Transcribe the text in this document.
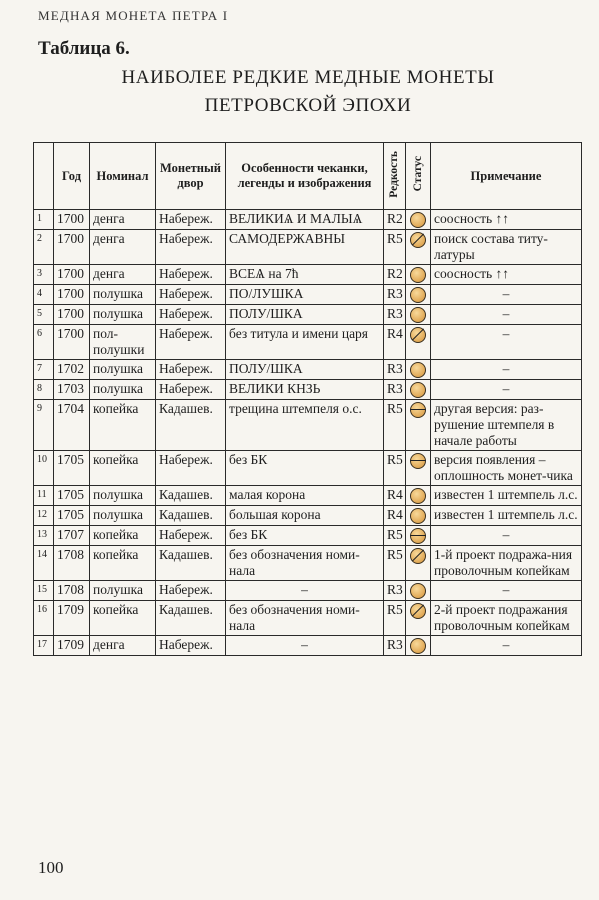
МЕДНАЯ МОНЕТА ПЕТРА I
Таблица 6.
НАИБОЛЕЕ РЕДКИЕ МЕДНЫЕ МОНЕТЫ
ПЕТРОВСКОЙ ЭПОХИ
	Год	Номинал	Монетный двор	Особенности чеканки, легенды и изображения	Редкость	Статус	Примечание
1	1700	денга	Набереж.	ВЕЛИКИѦ И МАЛЫѦ	R2		соосность ↑↑
2	1700	денга	Набереж.	САМОДЕРЖАВНЫ	R5		поиск состава титу-латуры
3	1700	денга	Набереж.	ВСЕѦ на 7ħ	R2		соосность ↑↑
4	1700	полушка	Набереж.	ПО/ЛУШКА	R3		–
5	1700	полушка	Набереж.	ПОЛУ/ШКА	R3		–
6	1700	пол-полушки	Набереж.	без титула и имени царя	R4		–
7	1702	полушка	Набереж.	ПОЛУ/ШКА	R3		–
8	1703	полушка	Набереж.	ВЕЛИКИ КНЗЬ	R3		–
9	1704	копейка	Кадашев.	трещина штемпеля о.с.	R5		другая версия: раз-рушение штемпеля в начале работы
10	1705	копейка	Набереж.	без БК	R5		версия появления – оплошность монет-чика
11	1705	полушка	Кадашев.	малая корона	R4		известен 1 штемпель л.с.
12	1705	полушка	Кадашев.	большая корона	R4		известен 1 штемпель л.с.
13	1707	копейка	Набереж.	без БК	R5		–
14	1708	копейка	Кадашев.	без обозначения номи-нала	R5		1-й проект подража-ния проволочным копейкам
15	1708	полушка	Набереж.	–	R3		–
16	1709	копейка	Кадашев.	без обозначения номи-нала	R5		2-й проект подражания проволочным копейкам
17	1709	денга	Набереж.	–	R3		–
100
